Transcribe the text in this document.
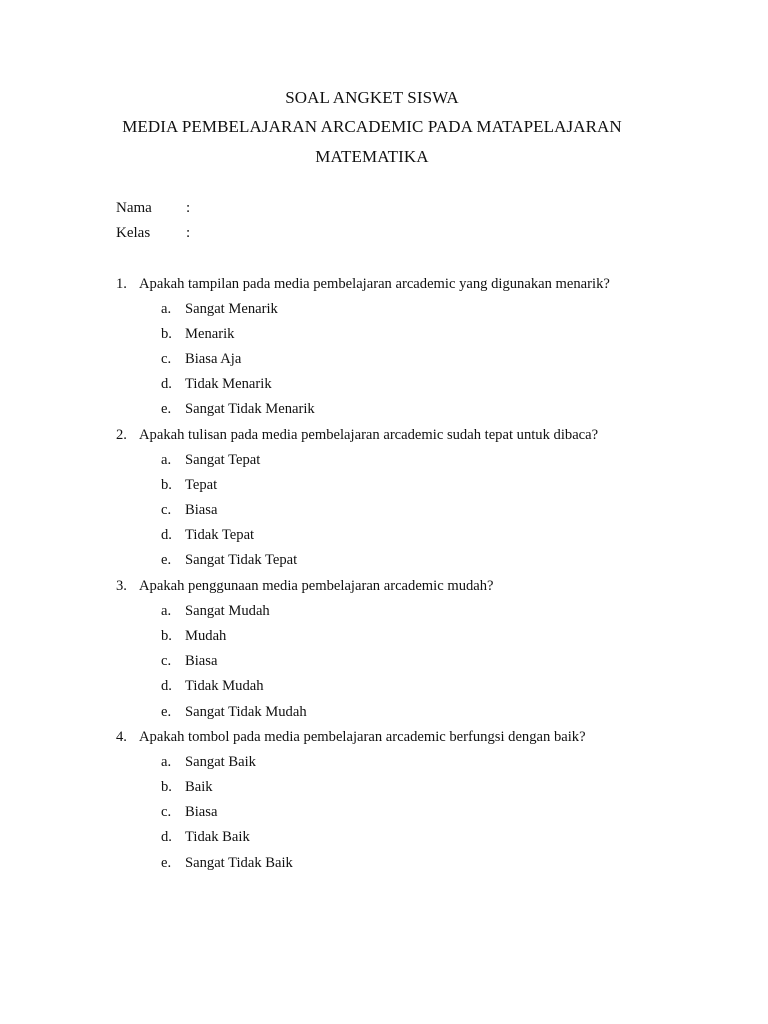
SOAL ANGKET SISWA
MEDIA PEMBELAJARAN ARCADEMIC PADA MATAPELAJARAN
MATEMATIKA
Nama :
Kelas :
1. Apakah tampilan pada media pembelajaran arcademic yang digunakan menarik?
a. Sangat Menarik
b. Menarik
c. Biasa Aja
d. Tidak Menarik
e. Sangat Tidak Menarik
2. Apakah tulisan pada media pembelajaran arcademic sudah tepat untuk dibaca?
a. Sangat Tepat
b. Tepat
c. Biasa
d. Tidak Tepat
e. Sangat Tidak Tepat
3. Apakah penggunaan media pembelajaran arcademic mudah?
a. Sangat Mudah
b. Mudah
c. Biasa
d. Tidak Mudah
e. Sangat Tidak Mudah
4. Apakah tombol pada media pembelajaran arcademic berfungsi dengan baik?
a. Sangat Baik
b. Baik
c. Biasa
d. Tidak Baik
e. Sangat Tidak Baik
